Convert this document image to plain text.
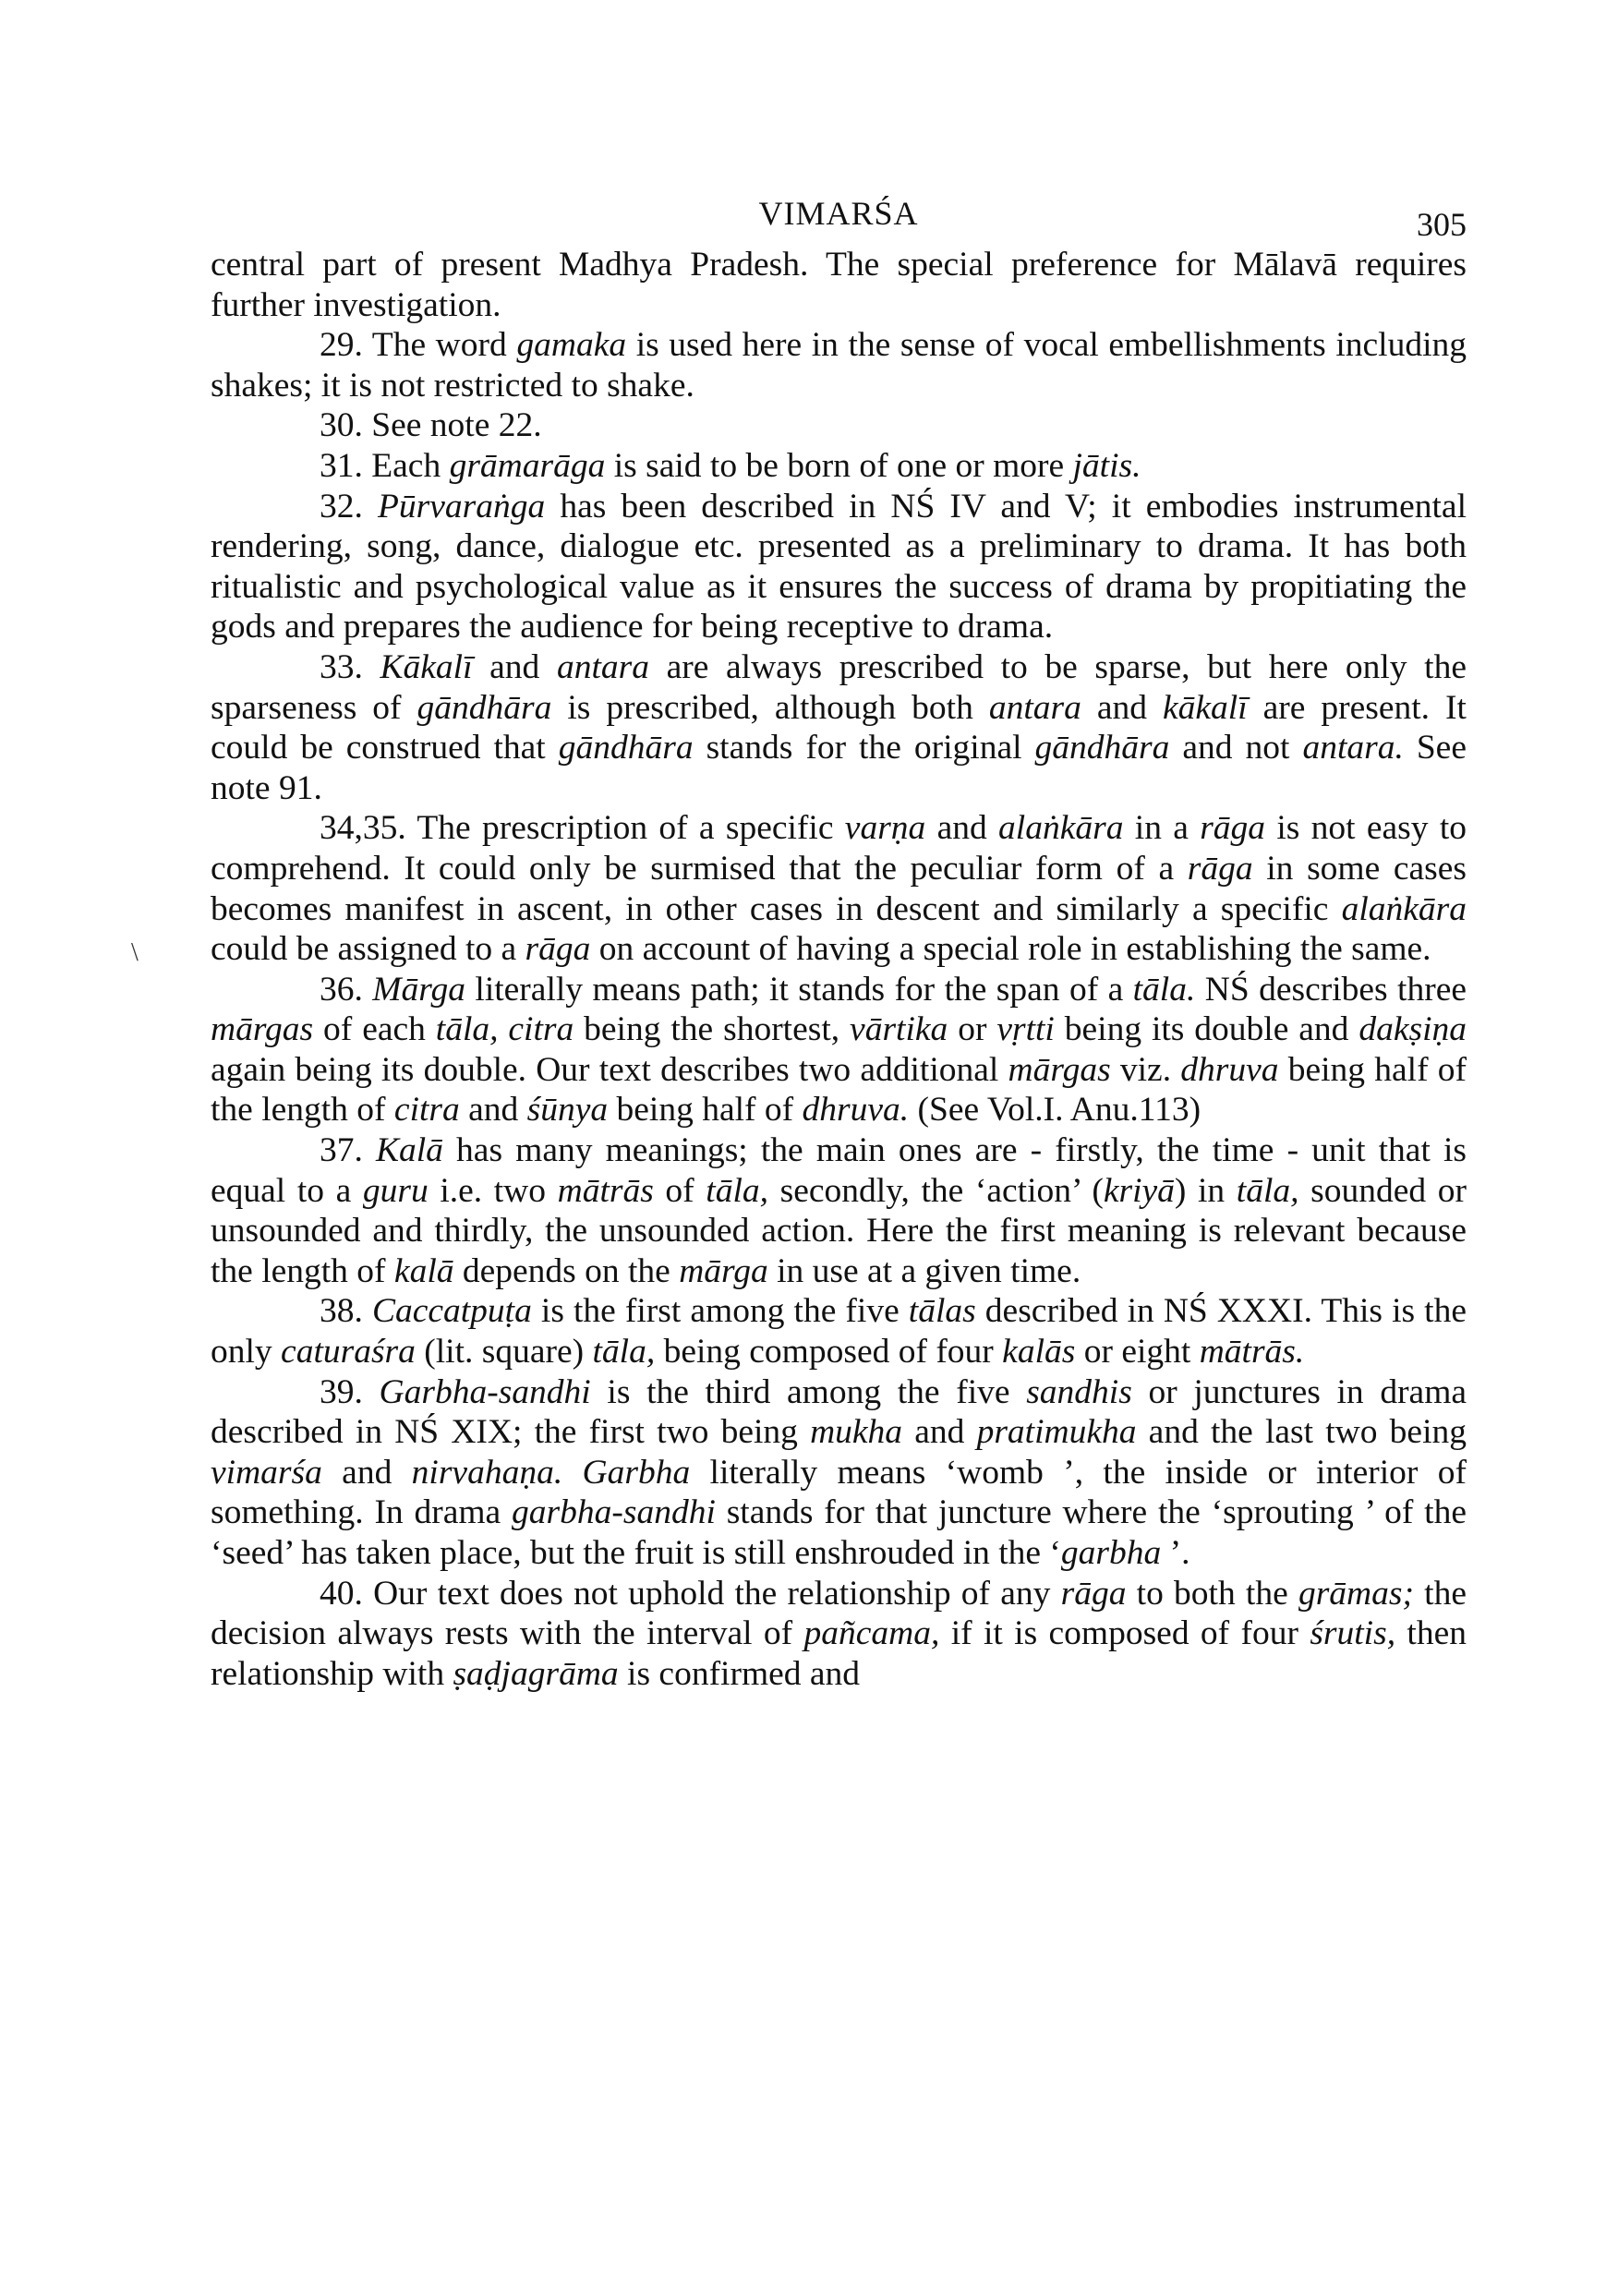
VIMARŚA	305

central part of present Madhya Pradesh. The special preference for Mālavā requires further investigation.

29. The word gamaka is used here in the sense of vocal embellishments including shakes; it is not restricted to shake.

30. See note 22.

31. Each grāmarāga is said to be born of one or more jātis.

32. Pūrvaraṅga has been described in NŚ IV and V; it embodies instrumental rendering, song, dance, dialogue etc. presented as a preliminary to drama. It has both ritualistic and psychological value as it ensures the success of drama by propitiating the gods and prepares the audience for being receptive to drama.

33. Kākalī and antara are always prescribed to be sparse, but here only the sparseness of gāndhāra is prescribed, although both antara and kākalī are present. It could be construed that gāndhāra stands for the original gāndhāra and not antara. See note 91.

34,35. The prescription of a specific varṇa and alaṅkāra in a rāga is not easy to comprehend. It could only be surmised that the peculiar form of a rāga in some cases becomes manifest in ascent, in other cases in descent and similarly a specific alaṅkāra could be assigned to a rāga on account of having a special role in establishing the same.

36. Mārga literally means path; it stands for the span of a tāla. NŚ describes three mārgas of each tāla, citra being the shortest, vārtika or vṛtti being its double and dakṣiṇa again being its double. Our text describes two additional mārgas viz. dhruva being half of the length of citra and śūnya being half of dhruva. (See Vol.I. Anu.113)

37. Kalā has many meanings; the main ones are - firstly, the time - unit that is equal to a guru i.e. two mātrās of tāla, secondly, the ‘action’ (kriyā) in tāla, sounded or unsounded and thirdly, the unsounded action. Here the first meaning is relevant because the length of kalā depends on the mārga in use at a given time.

38. Caccatpuṭa is the first among the five tālas described in NŚ XXXI. This is the only caturaśra (lit. square) tāla, being composed of four kalās or eight mātrās.

39. Garbha-sandhi is the third among the five sandhis or junctures in drama described in NŚ XIX; the first two being mukha and pratimukha and the last two being vimarśa and nirvahaṇa. Garbha literally means ‘womb ’, the inside or interior of something. In drama garbha-sandhi stands for that juncture where the ‘sprouting ’ of the ‘seed’ has taken place, but the fruit is still enshrouded in the ‘garbha ’.

40. Our text does not uphold the relationship of any rāga to both the grāmas; the decision always rests with the interval of pañcama, if it is composed of four śrutis, then relationship with ṣaḍjagrāma is confirmed and

\
